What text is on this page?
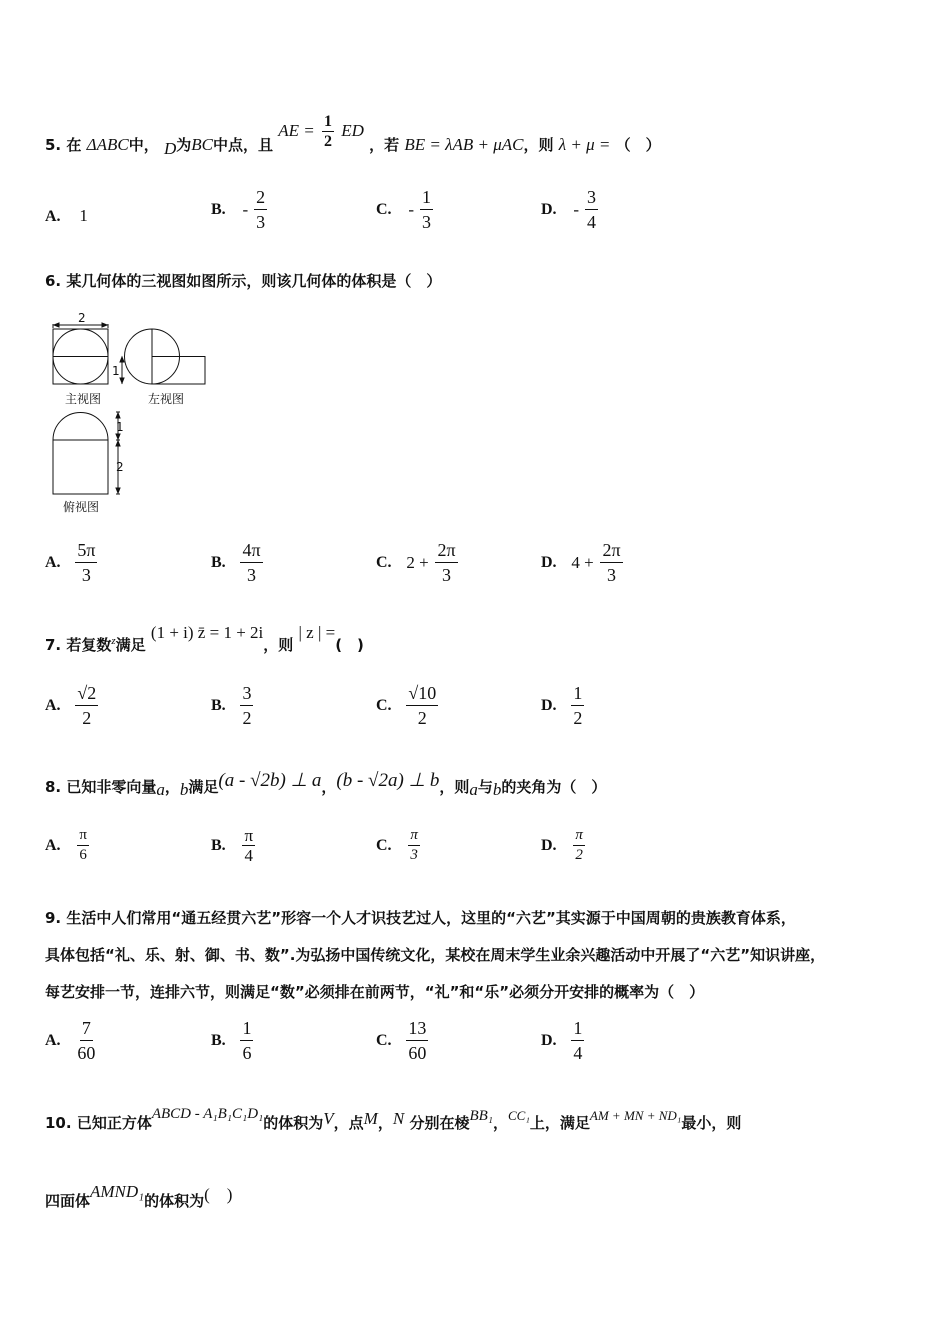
5. 在 ΔABC中， D为BC中点，且 AE = $\frac{1}{2}$ ED ，若 BE = λAB + μAC，则 λ + μ = （　）
A. 1	B. - $\frac{2}{3}$	C. - $\frac{1}{3}$	D. - $\frac{3}{4}$
6. 某几何体的三视图如图所示，则该几何体的体积是（　）
2
1
主视图	左视图
1
2
俯视图
A. $\frac{5\pi}{3}$	B. $\frac{4\pi}{3}$	C. $2 + \frac{2\pi}{3}$	D. $4 + \frac{2\pi}{3}$
7. 若复数$^z$满足 (1 + i) z̄ = 1 + 2i，则 | z | =(　)
A. $\frac{√2}{2}$	B. $\frac{3}{2}$	C. $\frac{√10}{2}$	D. $\frac{1}{2}$
8. 已知非零向量a，b满足(a - √2b) ⊥ a，(b - √2a) ⊥ b，则a与b的夹角为（　）
A. $\frac{\pi}{6}$	B. $\frac{\pi}{4}$	C. $\frac{\pi}{3}$	D. $\frac{\pi}{2}$
9. 生活中人们常用“通五经贯六艺”形容一个人才识技艺过人，这里的“六艺”其实源于中国周朝的贵族教育体系，
具体包括“礼、乐、射、御、书、数”.为弘扬中国传统文化，某校在周末学生业余兴趣活动中开展了“六艺”知识讲座，
每艺安排一节，连排六节，则满足“数”必须排在前两节，“礼”和“乐”必须分开安排的概率为（　）
A. $\frac{7}{60}$	B. $\frac{1}{6}$	C. $\frac{13}{60}$	D. $\frac{1}{4}$
10. 已知正方体ABCD - A₁B₁C₁D₁的体积为V，点M，N 分别在棱BB₁，CC₁上，满足AM + MN + ND₁最小，则
四面体AMND₁的体积为(　)
